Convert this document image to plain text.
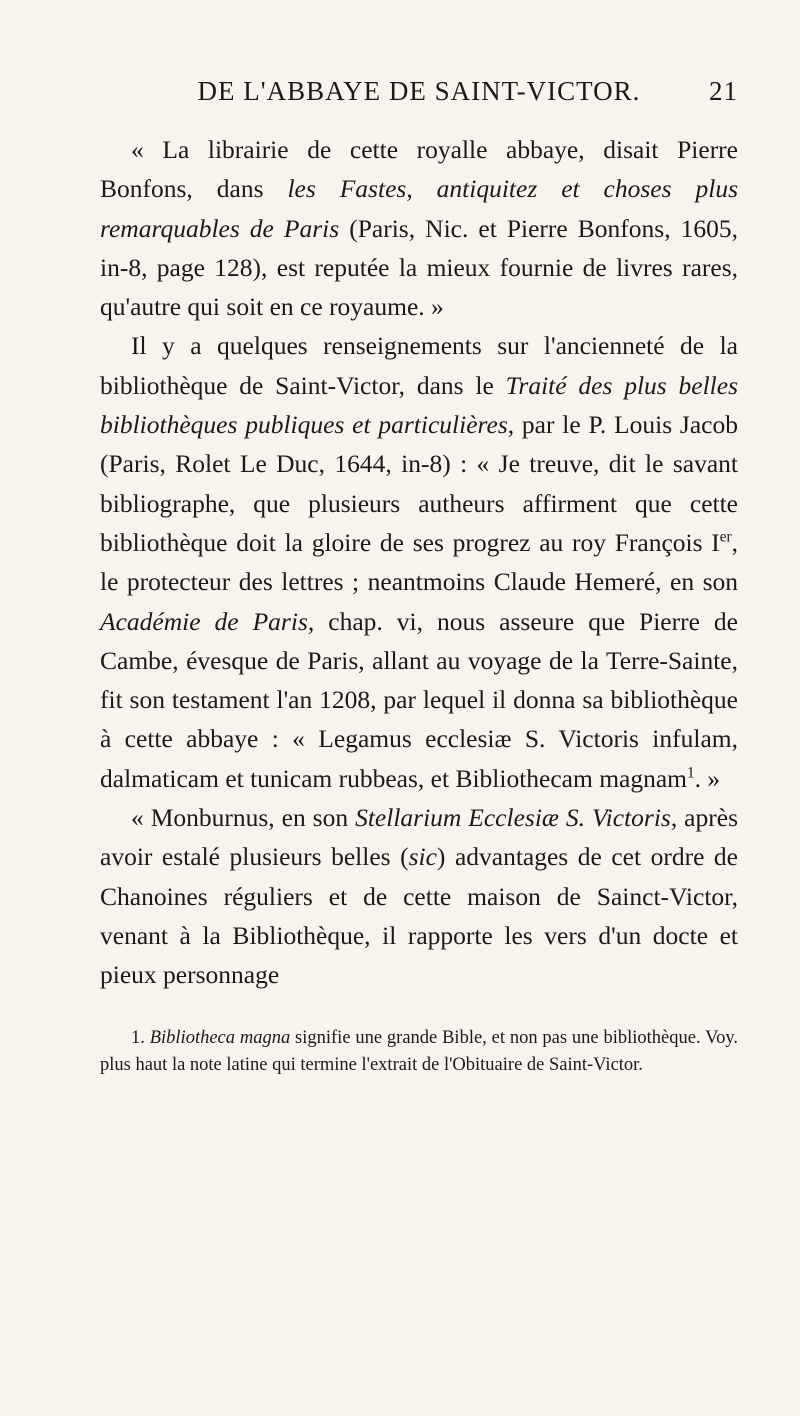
DE L'ABBAYE DE SAINT-VICTOR.	21

« La librairie de cette royalle abbaye, disait Pierre Bonfons, dans les Fastes, antiquitez et choses plus remarquables de Paris (Paris, Nic. et Pierre Bonfons, 1605, in-8, page 128), est reputée la mieux fournie de livres rares, qu'autre qui soit en ce royaume. »

Il y a quelques renseignements sur l'ancienneté de la bibliothèque de Saint-Victor, dans le Traité des plus belles bibliothèques publiques et particulières, par le P. Louis Jacob (Paris, Rolet Le Duc, 1644, in-8) : « Je treuve, dit le savant bibliographe, que plusieurs autheurs affirment que cette bibliothèque doit la gloire de ses progrez au roy François Ier, le protecteur des lettres ; neantmoins Claude Hemeré, en son Académie de Paris, chap. vi, nous asseure que Pierre de Cambe, évesque de Paris, allant au voyage de la Terre-Sainte, fit son testament l'an 1208, par lequel il donna sa bibliothèque à cette abbaye : « Legamus ecclesiæ S. Victoris infulam, dalmaticam et tunicam rubbeas, et Bibliothecam magnam$^1$. »

« Monburnus, en son Stellarium Ecclesiæ S. Victoris, après avoir estalé plusieurs belles (sic) advantages de cet ordre de Chanoines réguliers et de cette maison de Sainct-Victor, venant à la Bibliothèque, il rapporte les vers d'un docte et pieux personnage

1. Bibliotheca magna signifie une grande Bible, et non pas une bibliothèque. Voy. plus haut la note latine qui termine l'extrait de l'Obituaire de Saint-Victor.
